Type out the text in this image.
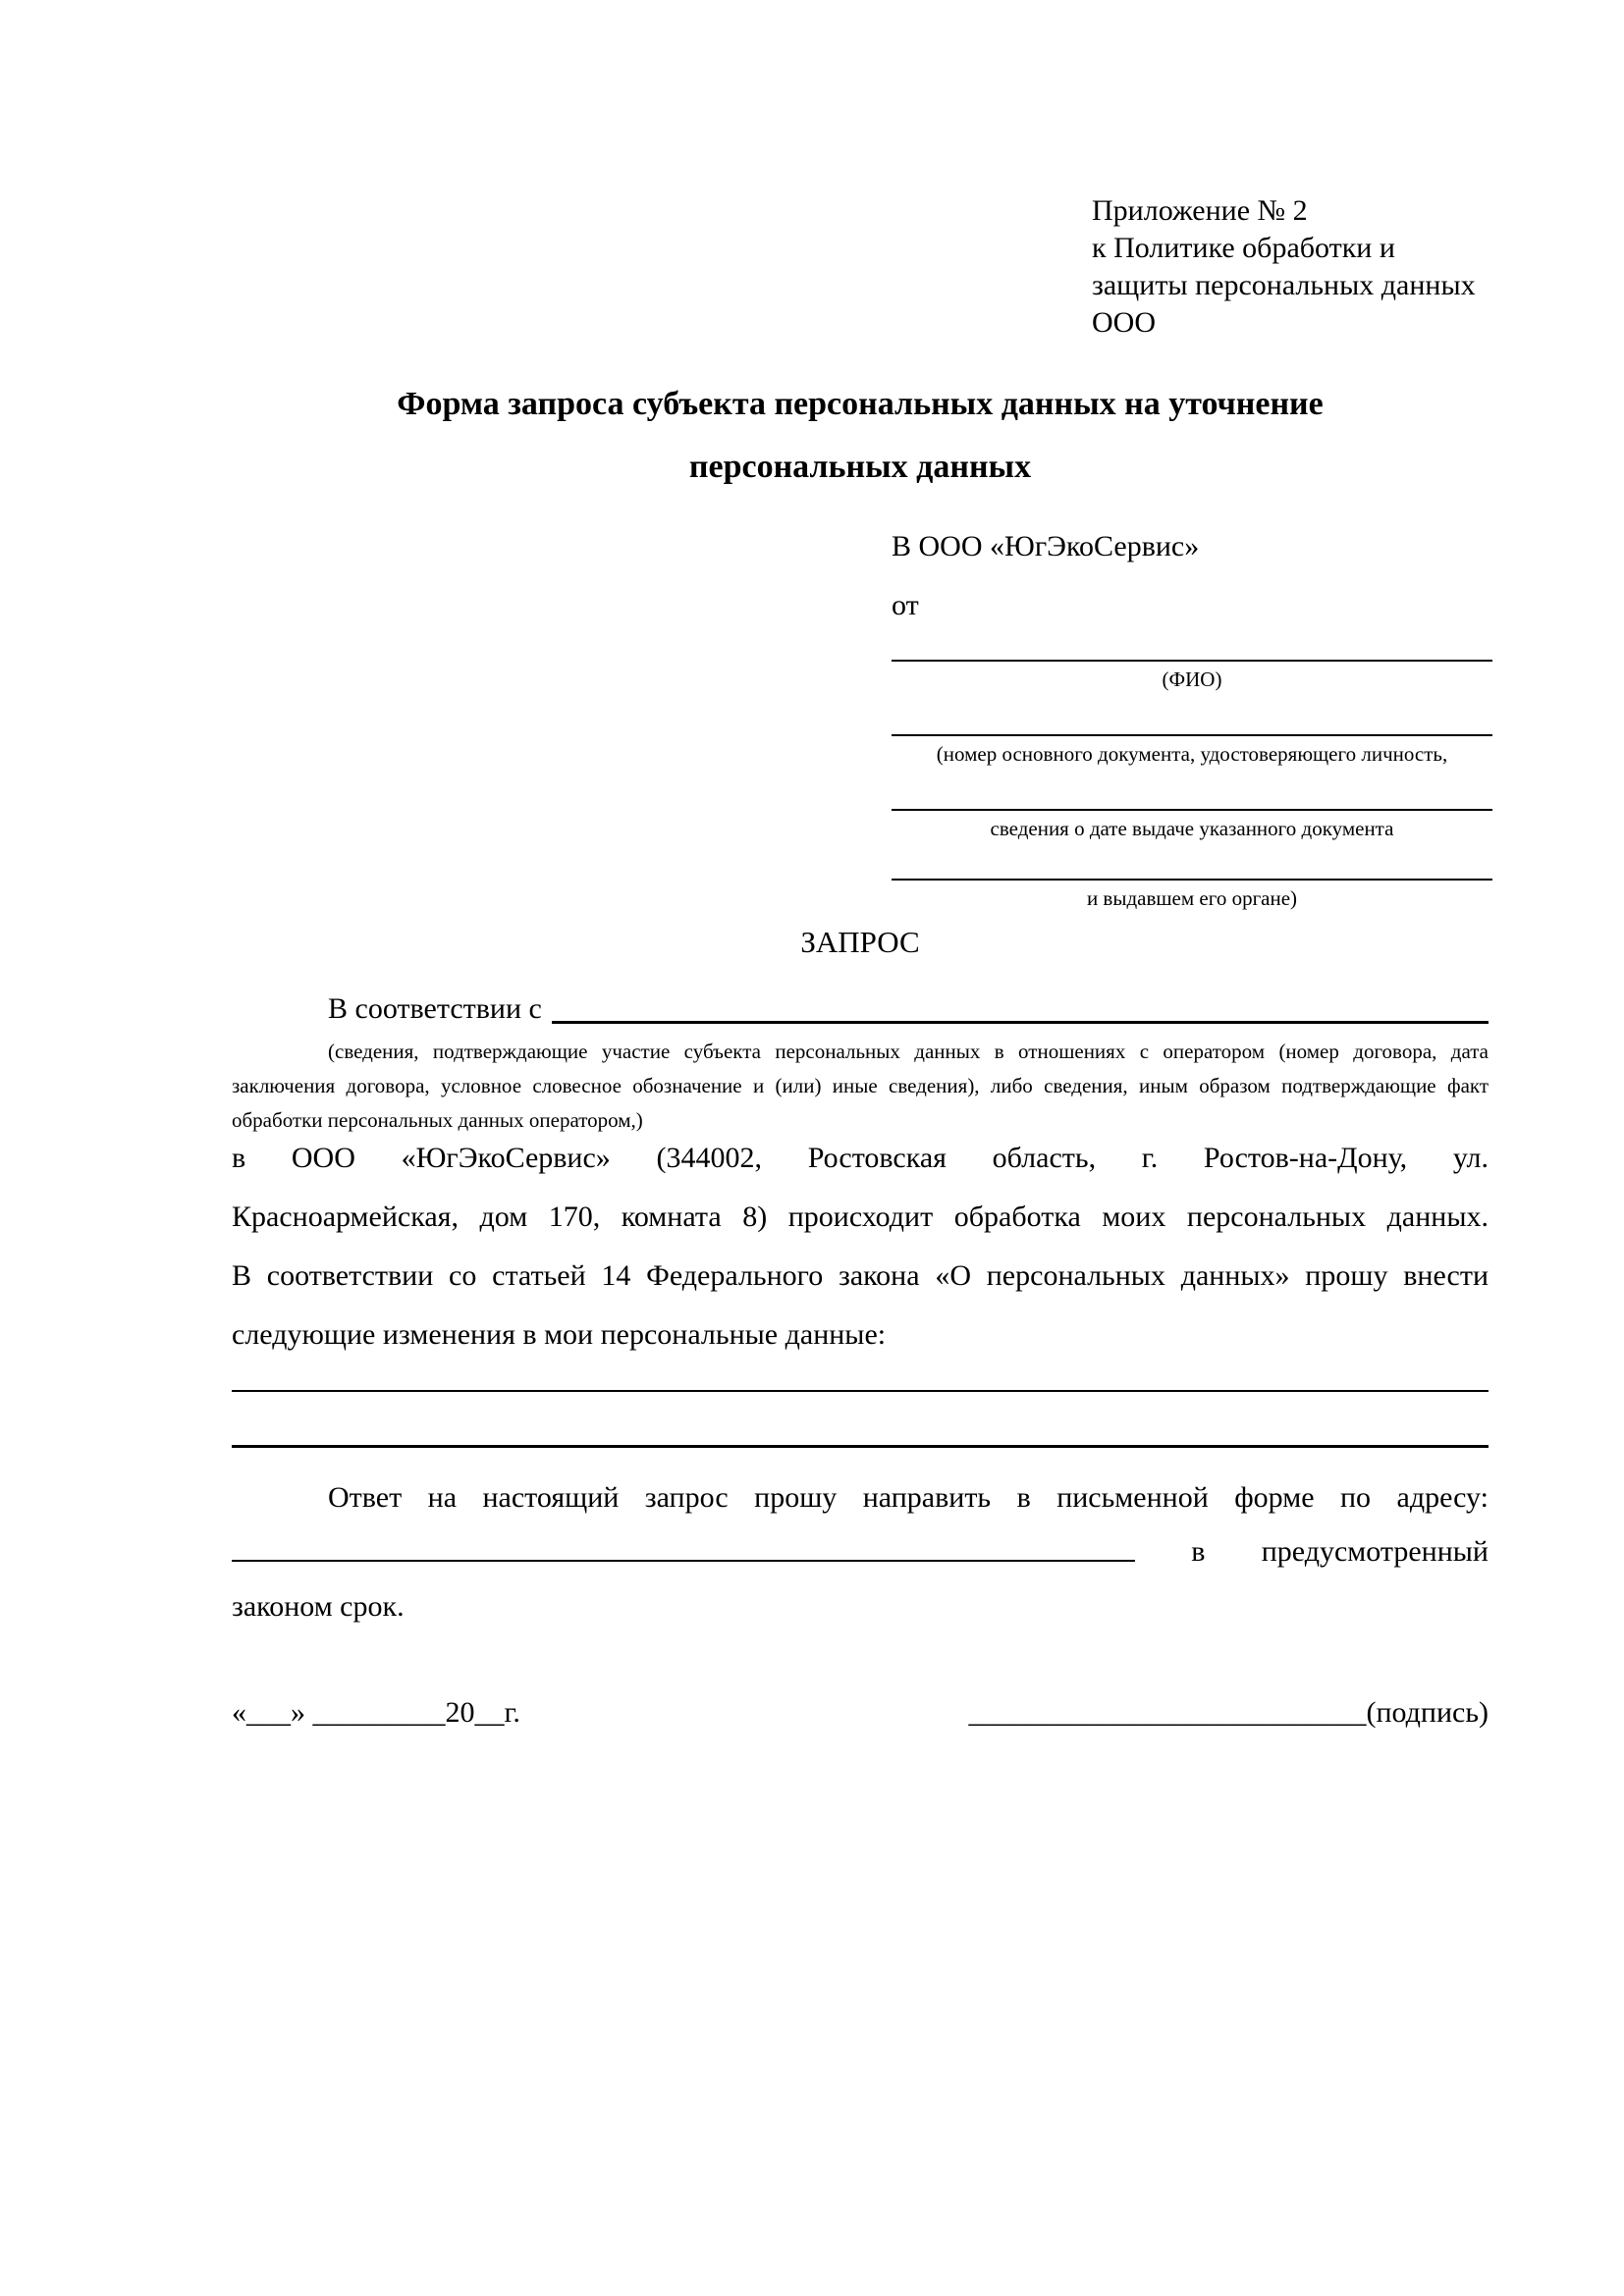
Приложение № 2
к Политике обработки и
защиты персональных данных
ООО
Форма запроса субъекта персональных данных на уточнение
персональных данных
В ООО «ЮгЭкоСервис»
от
(ФИО)
(номер основного документа, удостоверяющего личность,
сведения о дате выдаче указанного документа
и выдавшем его органе)
ЗАПРОС
В соответствии с
(сведения, подтверждающие участие субъекта персональных данных в отношениях с оператором (номер договора, дата
заключения договора, условное словесное обозначение и (или) иные сведения), либо сведения, иным образом подтверждающие факт
обработки персональных данных оператором,)
в ООО «ЮгЭкоСервис» (344002, Ростовская область, г. Ростов-на-Дону, ул.
Красноармейская, дом 170, комната 8) происходит обработка моих персональных данных.
В соответствии со статьей 14 Федерального закона «О персональных данных» прошу внести
следующие изменения в мои персональные данные:
Ответ на настоящий запрос прошу направить в письменной форме по адресу:
в предусмотренный
законом срок.
«___» _________20__г.	___________________________(подпись)
